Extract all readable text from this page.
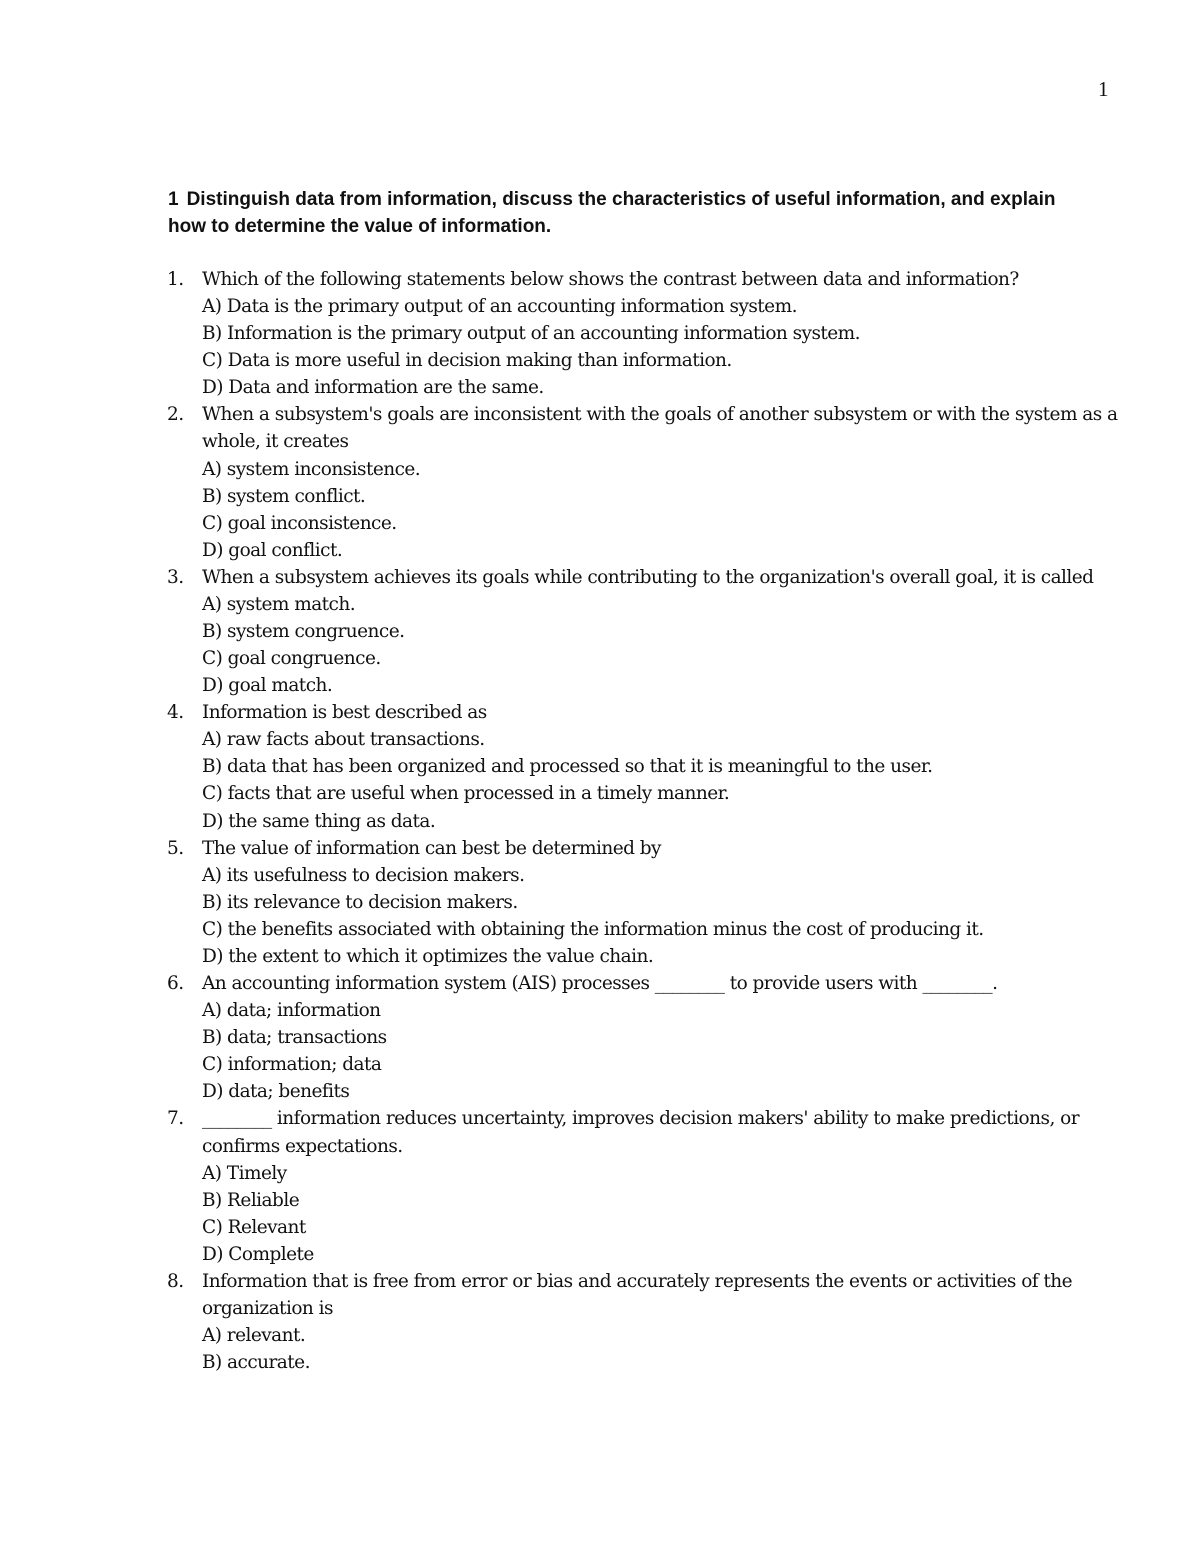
1

1 Distinguish data from information, discuss the characteristics of useful information, and explain how to determine the value of information.

1. Which of the following statements below shows the contrast between data and information?
A) Data is the primary output of an accounting information system.
B) Information is the primary output of an accounting information system.
C) Data is more useful in decision making than information.
D) Data and information are the same.
2. When a subsystem's goals are inconsistent with the goals of another subsystem or with the system as a whole, it creates
A) system inconsistence.
B) system conflict.
C) goal inconsistence.
D) goal conflict.
3. When a subsystem achieves its goals while contributing to the organization's overall goal, it is called
A) system match.
B) system congruence.
C) goal congruence.
D) goal match.
4. Information is best described as
A) raw facts about transactions.
B) data that has been organized and processed so that it is meaningful to the user.
C) facts that are useful when processed in a timely manner.
D) the same thing as data.
5. The value of information can best be determined by
A) its usefulness to decision makers.
B) its relevance to decision makers.
C) the benefits associated with obtaining the information minus the cost of producing it.
D) the extent to which it optimizes the value chain.
6. An accounting information system (AIS) processes ________ to provide users with ________.
A) data; information
B) data; transactions
C) information; data
D) data; benefits
7. ________ information reduces uncertainty, improves decision makers' ability to make predictions, or confirms expectations.
A) Timely
B) Reliable
C) Relevant
D) Complete
8. Information that is free from error or bias and accurately represents the events or activities of the organization is
A) relevant.
B) accurate.
